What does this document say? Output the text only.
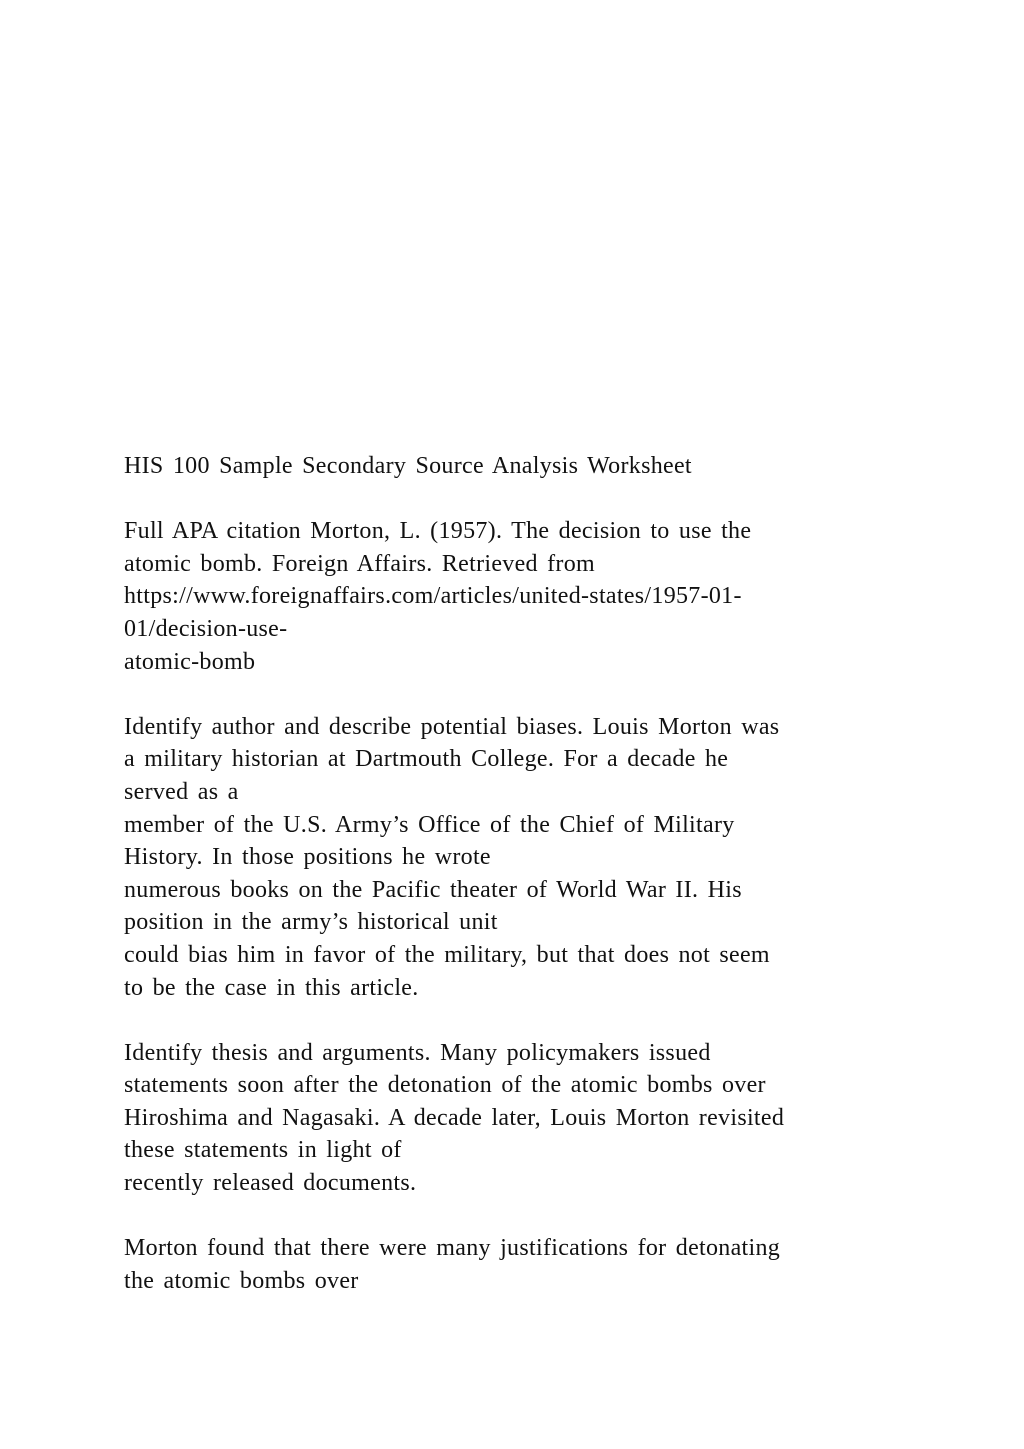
HIS 100 Sample Secondary Source Analysis Worksheet
Full APA citation Morton, L. (1957). The decision to use the
atomic bomb. Foreign Affairs. Retrieved from
https://www.foreignaffairs.com/articles/united-states/1957-01-
01/decision-use-
atomic-bomb
Identify author and describe potential biases. Louis Morton was
a military historian at Dartmouth College. For a decade he
served as a
member of the U.S. Army’s Office of the Chief of Military
History. In those positions he wrote
numerous books on the Pacific theater of World War II. His
position in the army’s historical unit
could bias him in favor of the military, but that does not seem
to be the case in this article.
Identify thesis and arguments. Many policymakers issued
statements soon after the detonation of the atomic bombs over
Hiroshima and Nagasaki. A decade later, Louis Morton revisited
these statements in light of
recently released documents.
Morton found that there were many justifications for detonating
the atomic bombs over
